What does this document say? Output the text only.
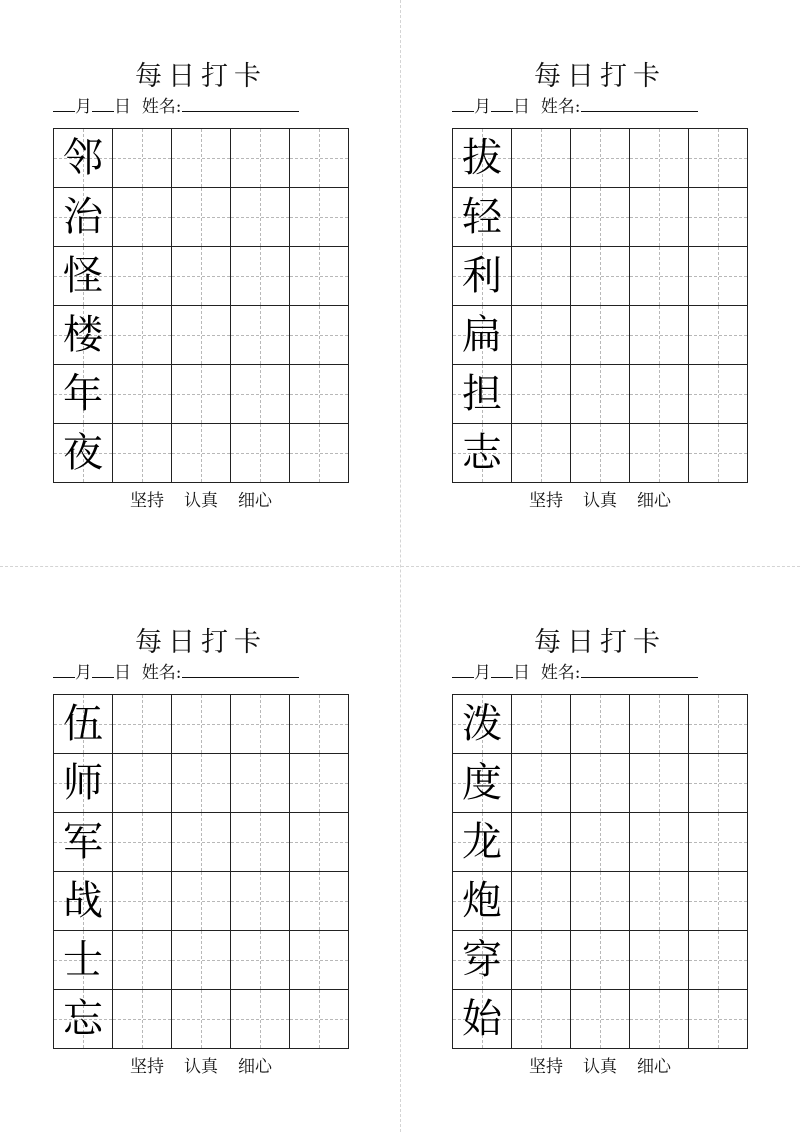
每日打卡
月 日 姓名:
邻
治
怪
楼
年
夜
坚持 认真 细心
每日打卡
月 日 姓名:
拔
轻
利
扁
担
志
坚持 认真 细心
每日打卡
月 日 姓名:
伍
师
军
战
士
忘
坚持 认真 细心
每日打卡
月 日 姓名:
泼
度
龙
炮
穿
始
坚持 认真 细心
